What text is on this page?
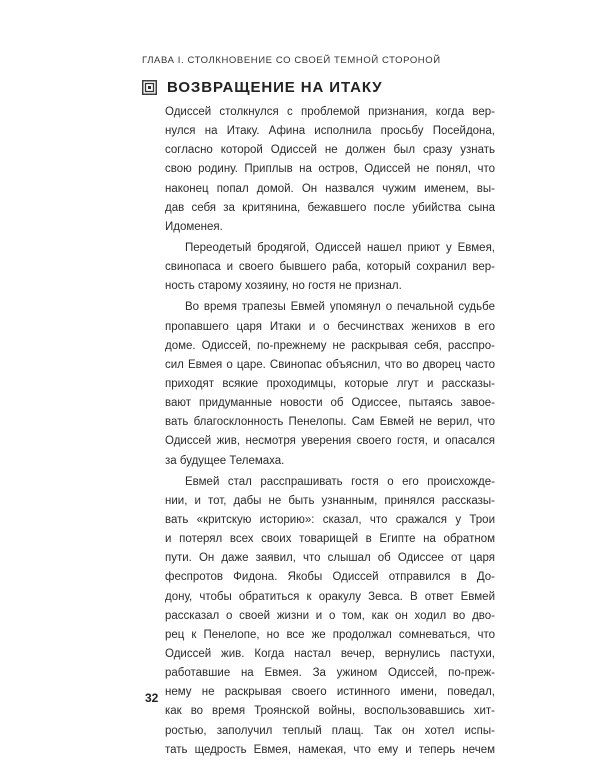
ГЛАВА I. СТОЛКНОВЕНИЕ СО СВОЕЙ ТЕМНОЙ СТОРОНОЙ
ВОЗВРАЩЕНИЕ НА ИТАКУ
Одиссей столкнулся с проблемой признания, когда вер-
нулся на Итаку. Афина исполнила просьбу Посейдона,
согласно которой Одиссей не должен был сразу узнать
свою родину. Приплыв на остров, Одиссей не понял, что
наконец попал домой. Он назвался чужим именем, вы-
дав себя за критянина, бежавшего после убийства сына
Идоменея.
Переодетый бродягой, Одиссей нашел приют у Евмея,
свинопаса и своего бывшего раба, который сохранил вер-
ность старому хозяину, но гостя не признал.
Во время трапезы Евмей упомянул о печальной судьбе
пропавшего царя Итаки и о бесчинствах женихов в его
доме. Одиссей, по-прежнему не раскрывая себя, расспро-
сил Евмея о царе. Свинопас объяснил, что во дворец часто
приходят всякие проходимцы, которые лгут и рассказы-
вают придуманные новости об Одиссее, пытаясь завое-
вать благосклонность Пенелопы. Сам Евмей не верил, что
Одиссей жив, несмотря уверения своего гостя, и опасался
за будущее Телемаха.
Евмей стал расспрашивать гостя о его происхожде-
нии, и тот, дабы не быть узнанным, принялся рассказы-
вать «критскую историю»: сказал, что сражался у Трои
и потерял всех своих товарищей в Египте на обратном
пути. Он даже заявил, что слышал об Одиссее от царя
феспротов Фидона. Якобы Одиссей отправился в До-
дону, чтобы обратиться к оракулу Зевса. В ответ Евмей
рассказал о своей жизни и о том, как он ходил во дво-
рец к Пенелопе, но все же продолжал сомневаться, что
Одиссей жив. Когда настал вечер, вернулись пастухи,
работавшие на Евмея. За ужином Одиссей, по-преж-
нему не раскрывая своего истинного имени, поведал,
как во время Троянской войны, воспользовавшись хит-
ростью, заполучил теплый плащ. Так он хотел испы-
тать щедрость Евмея, намекая, что ему и теперь нечем
32
